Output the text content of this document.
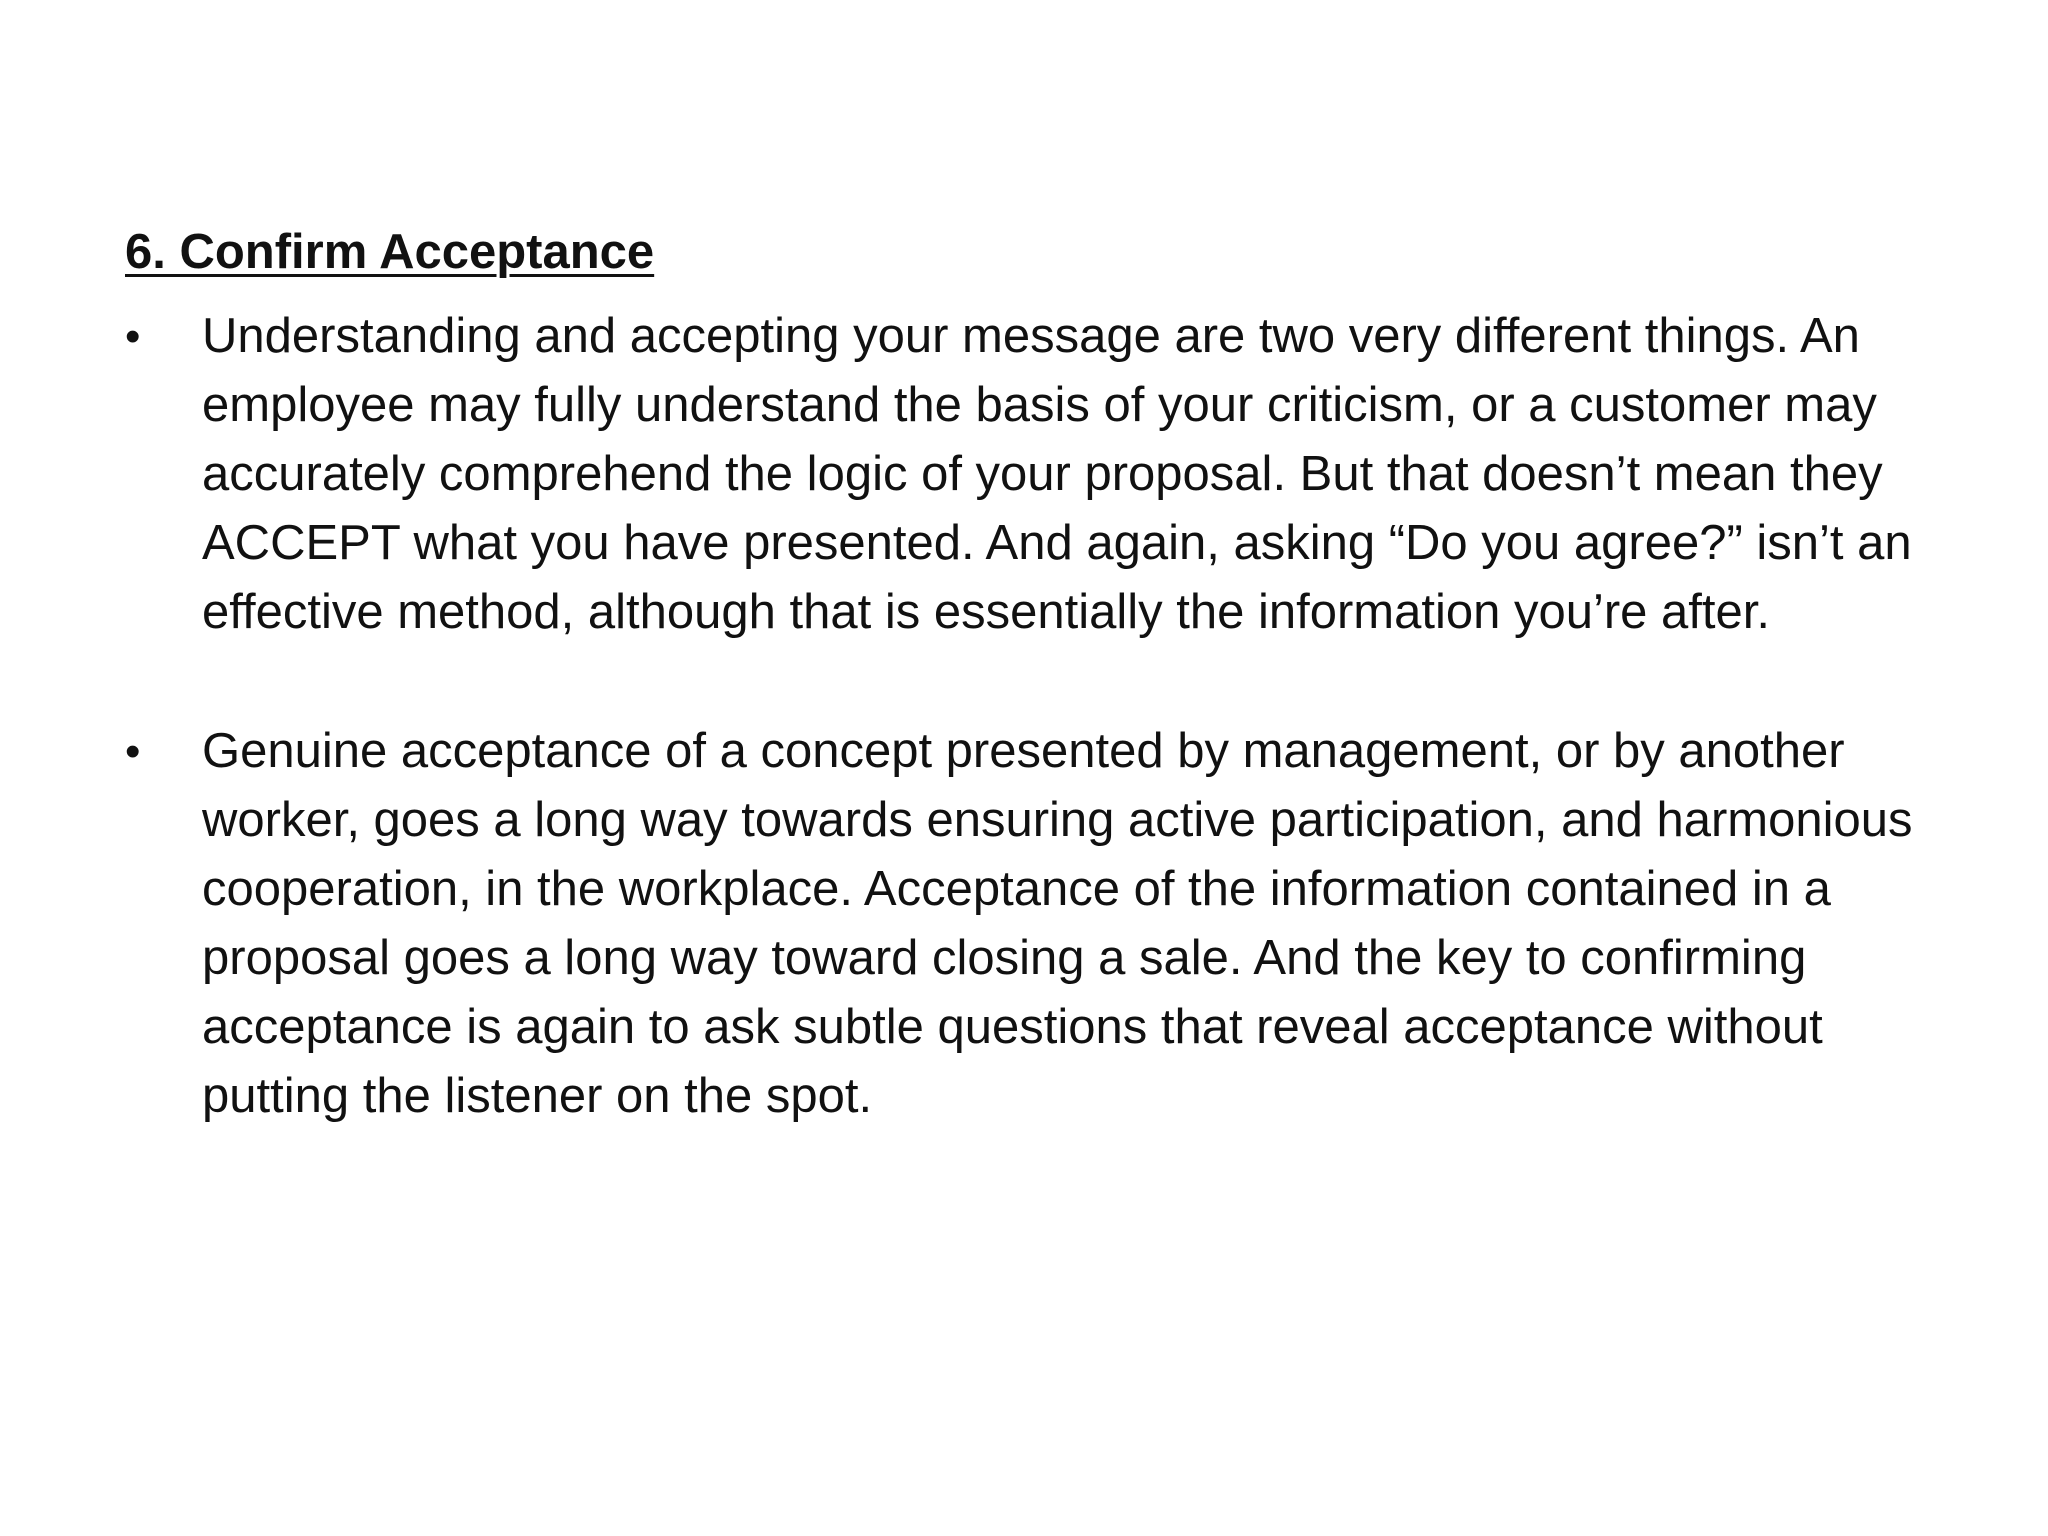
6. Confirm Acceptance
•	Understanding and accepting your message are two very different things. An employee may fully understand the basis of your criticism, or a customer may accurately comprehend the logic of your proposal. But that doesn’t mean they ACCEPT what you have presented. And again, asking “Do you agree?” isn’t an effective method, although that is essentially the information you’re after.
•	Genuine acceptance of a concept presented by management, or by another worker, goes a long way towards ensuring active participation, and harmonious cooperation, in the workplace. Acceptance of the information contained in a proposal goes a long way toward closing a sale. And the key to confirming acceptance is again to ask subtle questions that reveal acceptance without putting the listener on the spot.
